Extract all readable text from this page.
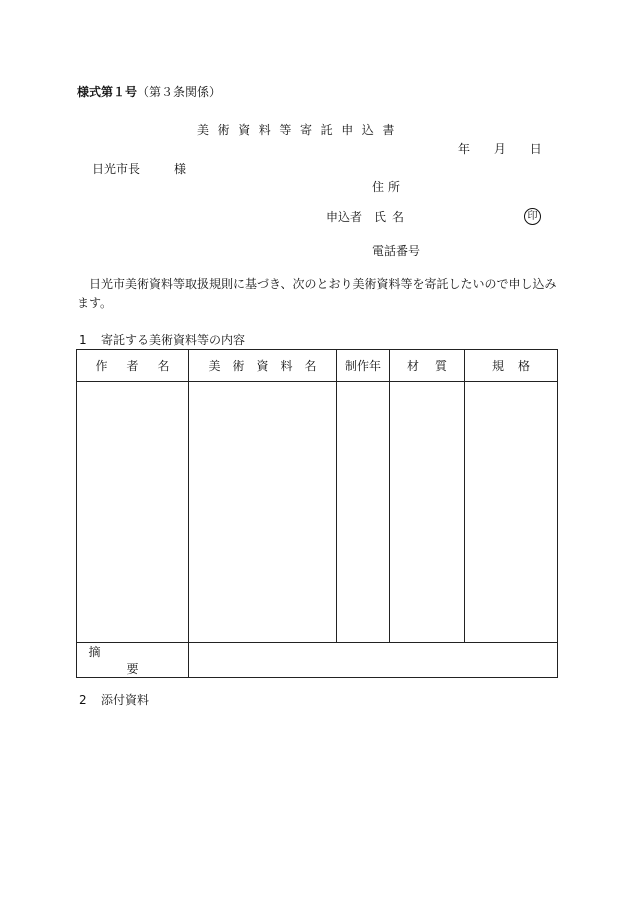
様式第１号（第３条関係）
美術資料等寄託申込書
年 月 日
日光市長	様
住所
申込者 氏名	印
電話番号
日光市美術資料等取扱規則に基づき、次のとおり美術資料等を寄託したいので申し込みます。
1 寄託する美術資料等の内容
作者名	美術資料名	制作年	材質	規格

摘要				
2 添付資料
